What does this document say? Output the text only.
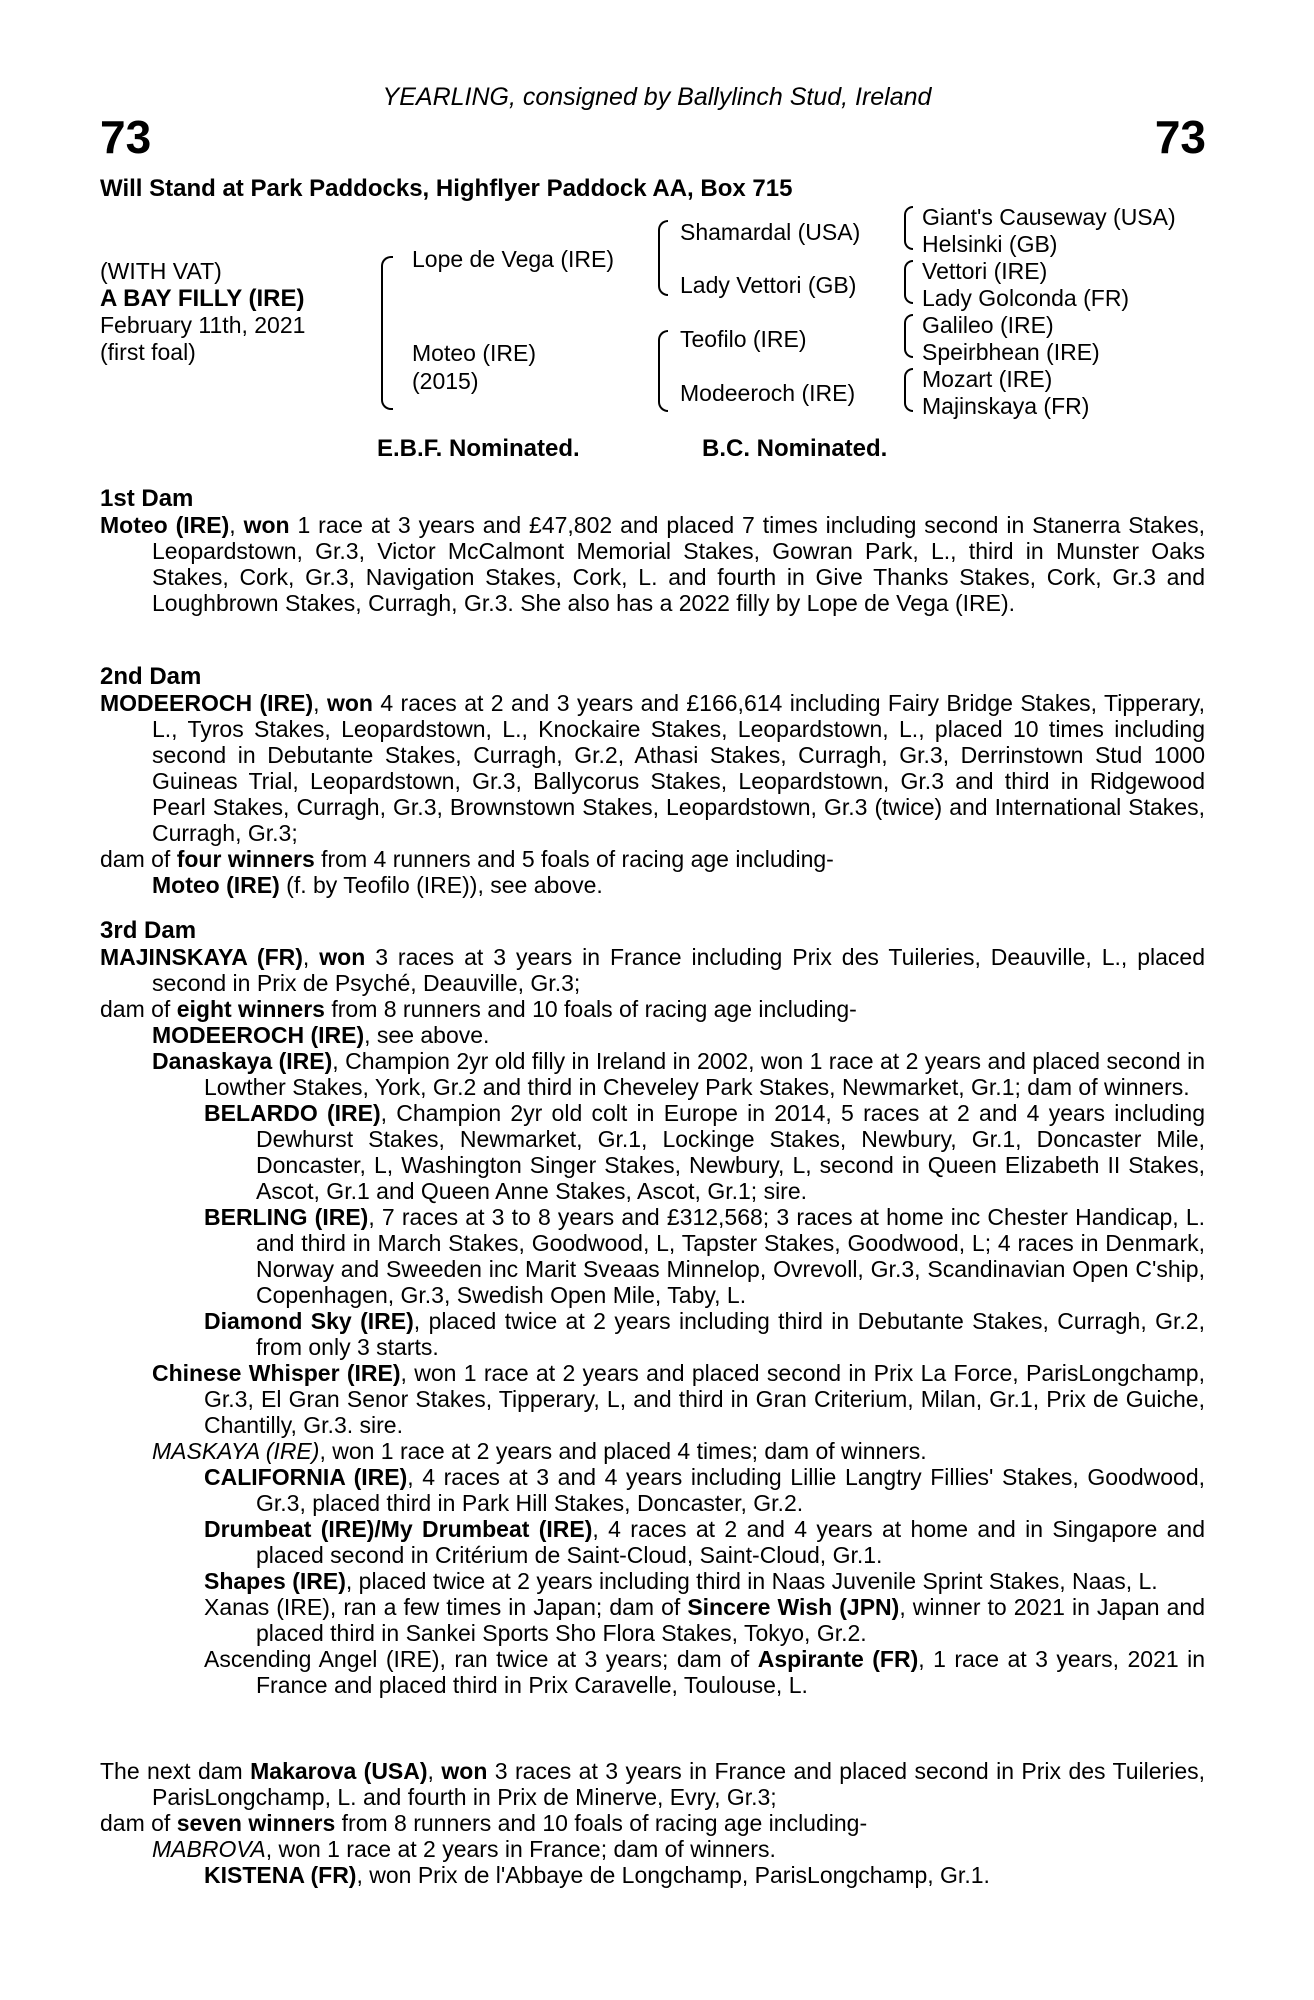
YEARLING, consigned by Ballylinch Stud, Ireland
73	73
Will Stand at Park Paddocks, Highflyer Paddock AA, Box 715
(WITH VAT)
A BAY FILLY (IRE)
February 11th, 2021
(first foal)
Lope de Vega (IRE)
Moteo (IRE)
(2015)
Shamardal (USA)
Lady Vettori (GB)
Teofilo (IRE)
Modeeroch (IRE)
Giant's Causeway (USA)
Helsinki (GB)
Vettori (IRE)
Lady Golconda (FR)
Galileo (IRE)
Speirbhean (IRE)
Mozart (IRE)
Majinskaya (FR)
E.B.F. Nominated.	B.C. Nominated.

1st Dam

Moteo (IRE), won 1 race at 3 years and £47,802 and placed 7 times including second in Stanerra Stakes, Leopardstown, Gr.3, Victor McCalmont Memorial Stakes, Gowran Park, L., third in Munster Oaks Stakes, Cork, Gr.3, Navigation Stakes, Cork, L. and fourth in Give Thanks Stakes, Cork, Gr.3 and Loughbrown Stakes, Curragh, Gr.3. She also has a 2022 filly by Lope de Vega (IRE).

2nd Dam

MODEEROCH (IRE), won 4 races at 2 and 3 years and £166,614 including Fairy Bridge Stakes, Tipperary, L., Tyros Stakes, Leopardstown, L., Knockaire Stakes, Leopardstown, L., placed 10 times including second in Debutante Stakes, Curragh, Gr.2, Athasi Stakes, Curragh, Gr.3, Derrinstown Stud 1000 Guineas Trial, Leopardstown, Gr.3, Ballycorus Stakes, Leopardstown, Gr.3 and third in Ridgewood Pearl Stakes, Curragh, Gr.3, Brownstown Stakes, Leopardstown, Gr.3 (twice) and International Stakes, Curragh, Gr.3;

dam of four winners from 4 runners and 5 foals of racing age including-

Moteo (IRE) (f. by Teofilo (IRE)), see above.

3rd Dam

MAJINSKAYA (FR), won 3 races at 3 years in France including Prix des Tuileries, Deauville, L., placed second in Prix de Psyché, Deauville, Gr.3;

dam of eight winners from 8 runners and 10 foals of racing age including-

MODEEROCH (IRE), see above.

Danaskaya (IRE), Champion 2yr old filly in Ireland in 2002, won 1 race at 2 years and placed second in Lowther Stakes, York, Gr.2 and third in Cheveley Park Stakes, Newmarket, Gr.1; dam of winners.

BELARDO (IRE), Champion 2yr old colt in Europe in 2014, 5 races at 2 and 4 years including Dewhurst Stakes, Newmarket, Gr.1, Lockinge Stakes, Newbury, Gr.1, Doncaster Mile, Doncaster, L, Washington Singer Stakes, Newbury, L, second in Queen Elizabeth II Stakes, Ascot, Gr.1 and Queen Anne Stakes, Ascot, Gr.1; sire.

BERLING (IRE), 7 races at 3 to 8 years and £312,568; 3 races at home inc Chester Handicap, L. and third in March Stakes, Goodwood, L, Tapster Stakes, Goodwood, L; 4 races in Denmark, Norway and Sweeden inc Marit Sveaas Minnelop, Ovrevoll, Gr.3, Scandinavian Open C'ship, Copenhagen, Gr.3, Swedish Open Mile, Taby, L.

Diamond Sky (IRE), placed twice at 2 years including third in Debutante Stakes, Curragh, Gr.2, from only 3 starts.

Chinese Whisper (IRE), won 1 race at 2 years and placed second in Prix La Force, ParisLongchamp, Gr.3, El Gran Senor Stakes, Tipperary, L, and third in Gran Criterium, Milan, Gr.1, Prix de Guiche, Chantilly, Gr.3. sire.

MASKAYA (IRE), won 1 race at 2 years and placed 4 times; dam of winners.

CALIFORNIA (IRE), 4 races at 3 and 4 years including Lillie Langtry Fillies' Stakes, Goodwood, Gr.3, placed third in Park Hill Stakes, Doncaster, Gr.2.

Drumbeat (IRE)/My Drumbeat (IRE), 4 races at 2 and 4 years at home and in Singapore and placed second in Critérium de Saint-Cloud, Saint-Cloud, Gr.1.

Shapes (IRE), placed twice at 2 years including third in Naas Juvenile Sprint Stakes, Naas, L.

Xanas (IRE), ran a few times in Japan; dam of Sincere Wish (JPN), winner to 2021 in Japan and placed third in Sankei Sports Sho Flora Stakes, Tokyo, Gr.2.

Ascending Angel (IRE), ran twice at 3 years; dam of Aspirante (FR), 1 race at 3 years, 2021 in France and placed third in Prix Caravelle, Toulouse, L.

The next dam Makarova (USA), won 3 races at 3 years in France and placed second in Prix des Tuileries, ParisLongchamp, L. and fourth in Prix de Minerve, Evry, Gr.3;

dam of seven winners from 8 runners and 10 foals of racing age including-

MABROVA, won 1 race at 2 years in France; dam of winners.

KISTENA (FR), won Prix de l'Abbaye de Longchamp, ParisLongchamp, Gr.1.
